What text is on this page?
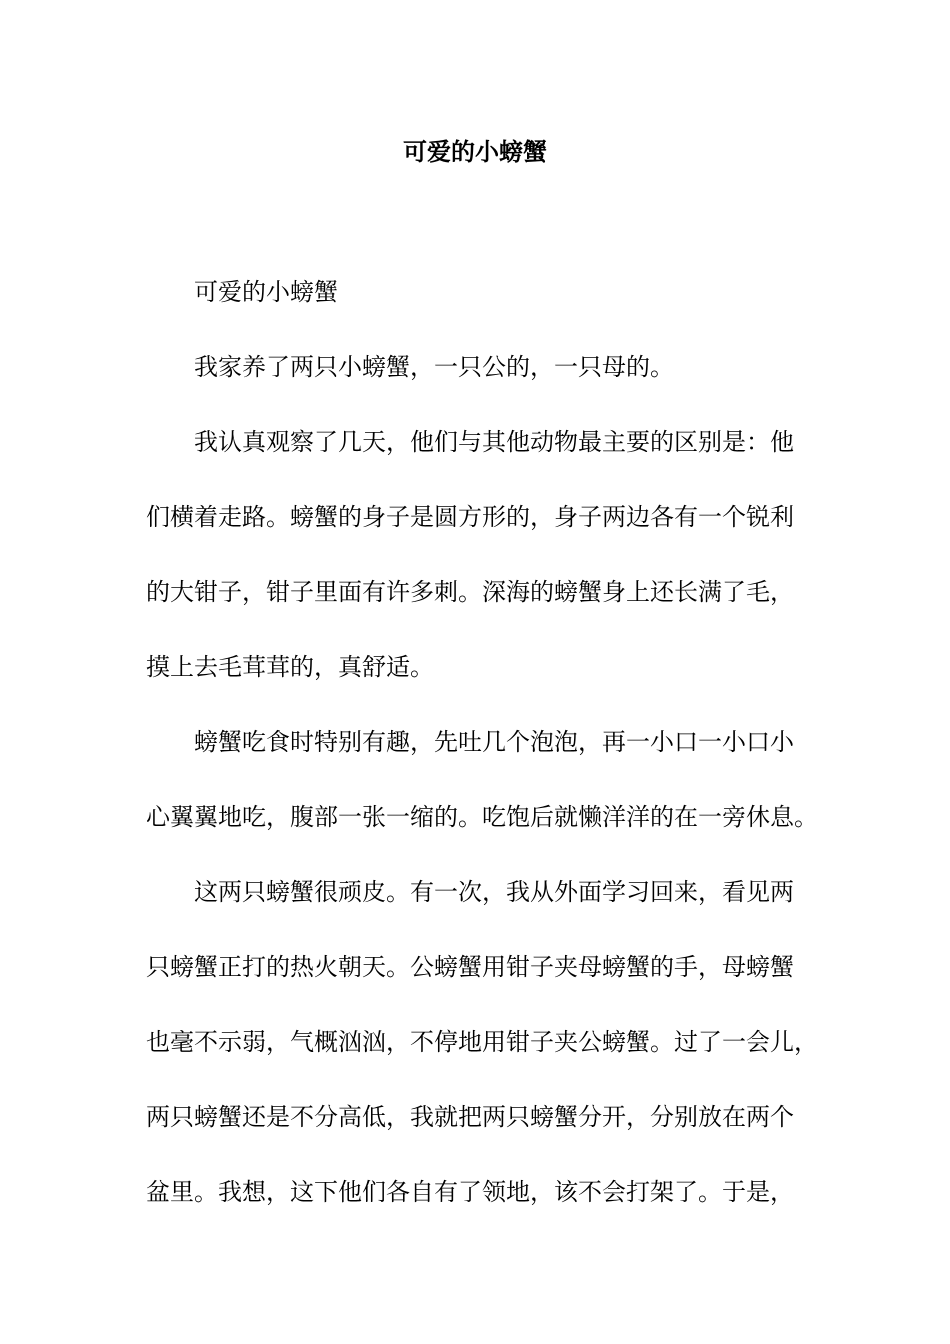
可爱的小螃蟹
可爱的小螃蟹
我家养了两只小螃蟹，一只公的，一只母的。
我认真观察了几天，他们与其他动物最主要的区别是：他
们横着走路。螃蟹的身子是圆方形的，身子两边各有一个锐利
的大钳子，钳子里面有许多刺。深海的螃蟹身上还长满了毛，
摸上去毛茸茸的，真舒适。
螃蟹吃食时特别有趣，先吐几个泡泡，再一小口一小口小
心翼翼地吃，腹部一张一缩的。吃饱后就懒洋洋的在一旁休息。
这两只螃蟹很顽皮。有一次，我从外面学习回来，看见两
只螃蟹正打的热火朝天。公螃蟹用钳子夹母螃蟹的手，母螃蟹
也毫不示弱，气概汹汹，不停地用钳子夹公螃蟹。过了一会儿，
两只螃蟹还是不分高低，我就把两只螃蟹分开，分别放在两个
盆里。我想，这下他们各自有了领地，该不会打架了。于是，
